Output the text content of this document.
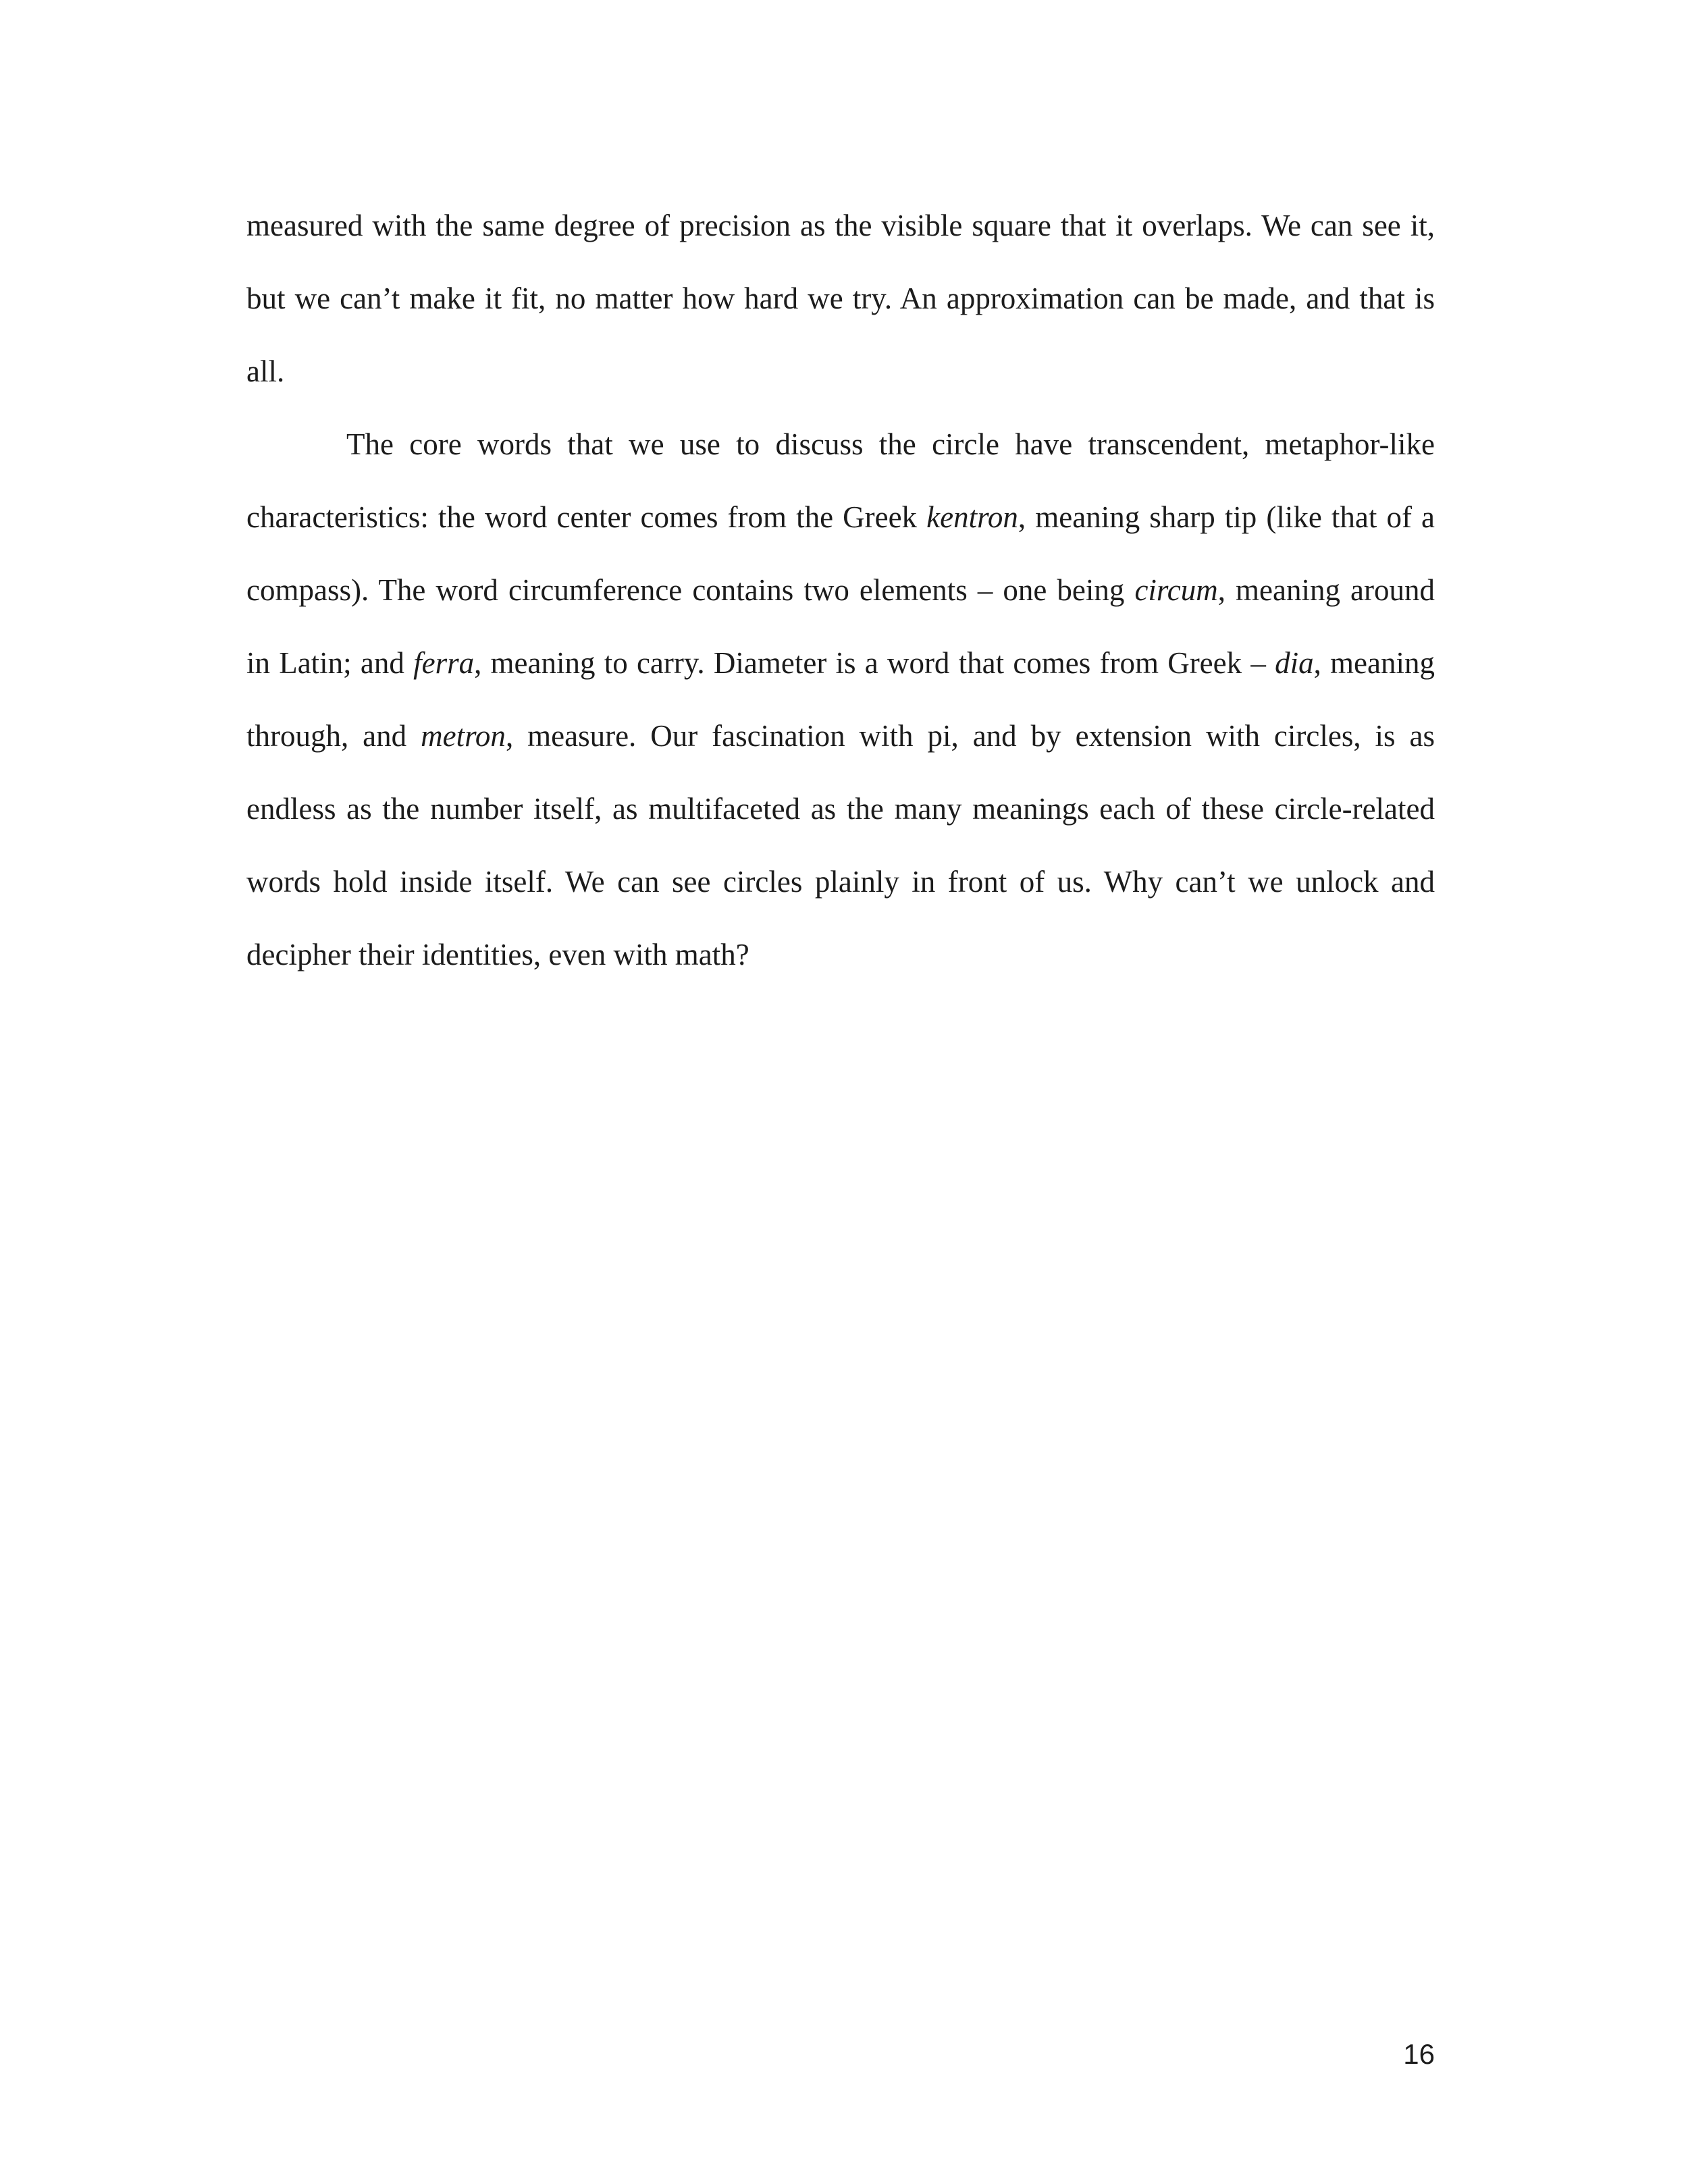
measured with the same degree of precision as the visible square that it overlaps. We can see it, but we can’t make it fit, no matter how hard we try. An approximation can be made, and that is all.

The core words that we use to discuss the circle have transcendent, metaphor-like characteristics: the word center comes from the Greek kentron, meaning sharp tip (like that of a compass). The word circumference contains two elements – one being circum, meaning around in Latin; and ferra, meaning to carry. Diameter is a word that comes from Greek – dia, meaning through, and metron, measure. Our fascination with pi, and by extension with circles, is as endless as the number itself, as multifaceted as the many meanings each of these circle-related words hold inside itself. We can see circles plainly in front of us. Why can’t we unlock and decipher their identities, even with math?

16
